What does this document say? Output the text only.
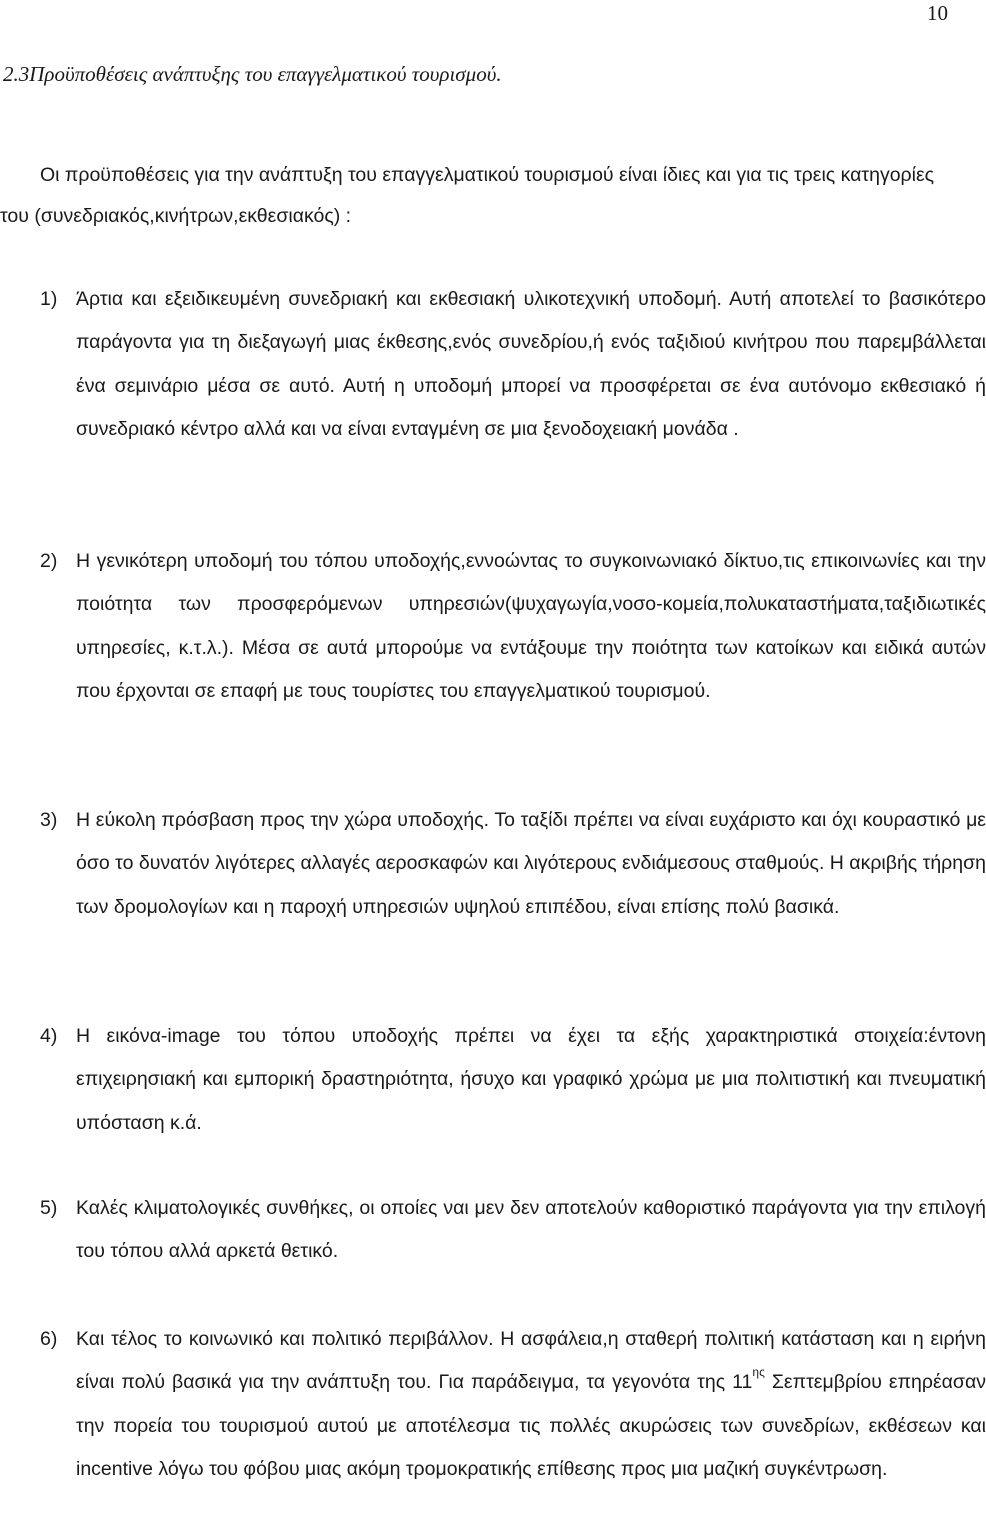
10
2.3Προϋποθέσεις ανάπτυξης του επαγγελματικού τουρισμού.

Οι προϋποθέσεις για την ανάπτυξη του επαγγελματικού τουρισμού είναι ίδιες και για τις τρεις κατηγορίες του (συνεδριακός,κινήτρων,εκθεσιακός) :

1) Άρτια και εξειδικευμένη συνεδριακή και εκθεσιακή υλικοτεχνική υποδομή. Αυτή αποτελεί το βασικότερο παράγοντα για τη διεξαγωγή μιας έκθεσης,ενός συνεδρίου,ή ενός ταξιδιού κινήτρου που παρεμβάλλεται ένα σεμινάριο μέσα σε αυτό. Αυτή η υποδομή μπορεί να προσφέρεται σε ένα αυτόνομο εκθεσιακό ή συνεδριακό κέντρο αλλά και να είναι ενταγμένη σε μια ξενοδοχειακή μονάδα .

2) Η γενικότερη υποδομή του τόπου υποδοχής,εννοώντας το συγκοινωνιακό δίκτυο,τις επικοινωνίες και την ποιότητα των προσφερόμενων υπηρεσιών(ψυχαγωγία,νοσο-κομεία,πολυκαταστήματα,ταξιδιωτικές υπηρεσίες, κ.τ.λ.). Μέσα σε αυτά μπορούμε να εντάξουμε την ποιότητα των κατοίκων και ειδικά αυτών που έρχονται σε επαφή με τους τουρίστες του επαγγελματικού τουρισμού.

3) Η εύκολη πρόσβαση προς την χώρα υποδοχής. Το ταξίδι πρέπει να είναι ευχάριστο και όχι κουραστικό με όσο το δυνατόν λιγότερες αλλαγές αεροσκαφών και λιγότερους ενδιάμεσους σταθμούς. Η ακριβής τήρηση των δρομολογίων και η παροχή υπηρεσιών υψηλού επιπέδου, είναι επίσης πολύ βασικά.

4) Η εικόνα-image του τόπου υποδοχής πρέπει να έχει τα εξής χαρακτηριστικά στοιχεία:έντονη επιχειρησιακή και εμπορική δραστηριότητα, ήσυχο και γραφικό χρώμα με μια πολιτιστική και πνευματική υπόσταση κ.ά.

5) Καλές κλιματολογικές συνθήκες, οι οποίες ναι μεν δεν αποτελούν καθοριστικό παράγοντα για την επιλογή του τόπου αλλά αρκετά θετικό.

6) Και τέλος το κοινωνικό και πολιτικό περιβάλλον. Η ασφάλεια,η σταθερή πολιτική κατάσταση και η ειρήνη είναι πολύ βασικά για την ανάπτυξη του. Για παράδειγμα, τα γεγονότα της $11^{\eta\varsigma}$ Σεπτεμβρίου επηρέασαν την πορεία του τουρισμού αυτού με αποτέλεσμα τις πολλές ακυρώσεις των συνεδρίων, εκθέσεων και incentive λόγω του φόβου μιας ακόμη τρομοκρατικής επίθεσης προς μια μαζική συγκέντρωση.
